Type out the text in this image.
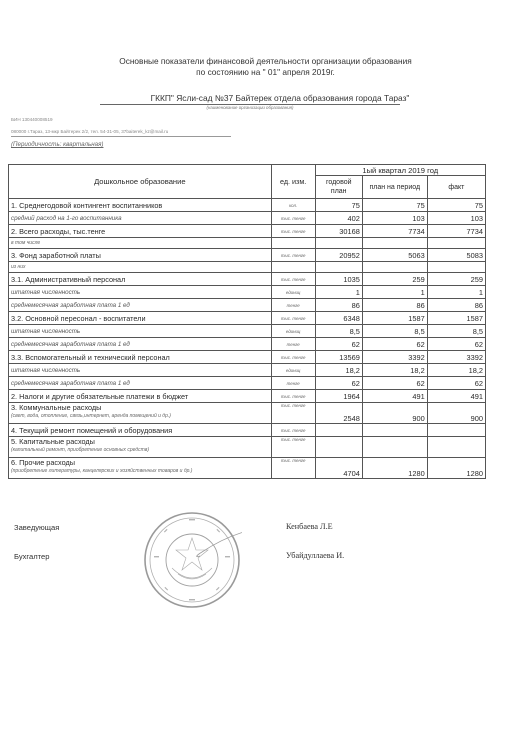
Основные показатели финансовой деятельности организации образования
по состоянию на " 01" апреля 2019г.
ГККП" Ясли-сад №37 Байтерек отдела образования города Тараз"
(наименование организации образования)
БИН 130440008519
080000 г.Тараз, 13-мкр Байтерек 2/2, тел. 54-31-05, 37baiterek_kz@mail.ru
(Периодичность: квартальная)
Дошкольное образование	ед. изм.	1ый квартал 2019 год		
		годовой план	план на период	факт
1. Среднегодовой контингент воспитанников	кол.	75	75	75
средний расход на 1-го воспитанника	тыс. тенге	402	103	103
2. Всего расходы, тыс.тенге	тыс. тенге	30168	7734	7734
в том числе				
3. Фонд заработной платы	тыс. тенге	20952	5063	5083
из них				
3.1. Административный персонал	тыс. тенге	1035	259	259
штатная численность	единиц	1	1	1
среднемесячная заработная плата 1 ед	тенге	86	86	86
3.2. Основной пересонал - воспитатели	тыс. тенге	6348	1587	1587
штатная численность	единиц	8,5	8,5	8,5
среднемесячная заработная плата 1 ед	тенге	62	62	62
3.3. Вспомогательный и технический персонал	тыс. тенге	13569	3392	3392
штатная численность	единиц	18,2	18,2	18,2
среднемесячная заработная плата 1 ед	тенге	62	62	62
2. Налоги и другие обязательные платежи в бюджет	тыс. тенге	1964	491	491

3. Коммунальные расходы
(свет, вода, отопление, связь,интернет, аренда помещений и др.)	тыс. тенге	2548	900	900
4. Текущий ремонт помещений и оборудования	тыс. тенге			

5. Капитальные расходы
(капитальный ремонт, приобретение основных средств)	тыс. тенге			

6. Прочие расходы
(приобретение литературы, канцелярских и хозяйственных товаров и др.)	тыс. тенге	4704	1280	1280
Заведующая	Кенбаева Л.Е
Бухгалтер	Убайдуллаева И.
